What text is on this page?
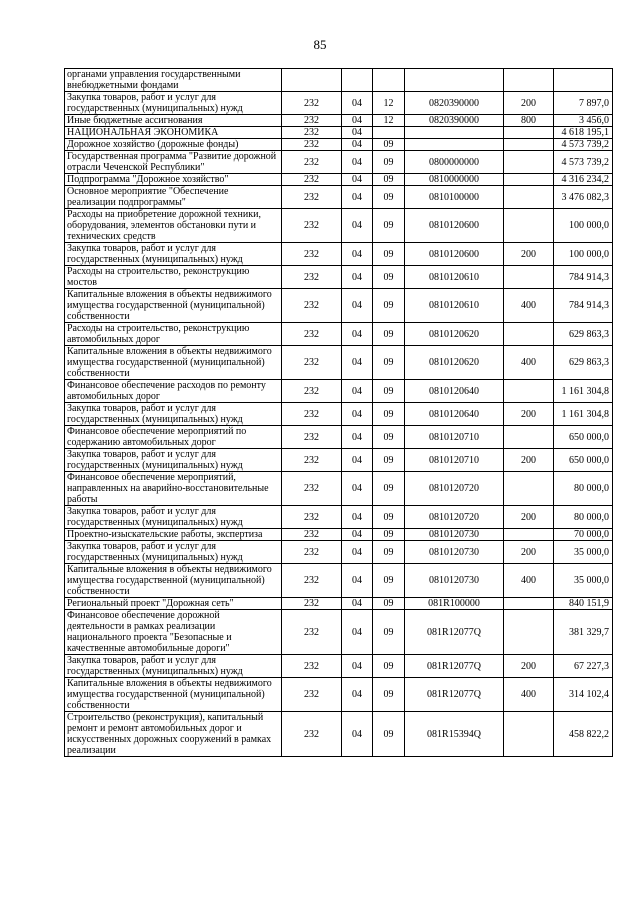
85
органами управления государственными внебюджетными фондами						
Закупка товаров, работ и услуг для государственных (муниципальных) нужд	232	04	12	0820390000	200	7 897,0
Иные бюджетные ассигнования	232	04	12	0820390000	800	3 456,0
НАЦИОНАЛЬНАЯ ЭКОНОМИКА	232	04				4 618 195,1
Дорожное хозяйство (дорожные фонды)	232	04	09			4 573 739,2
Государственная программа "Развитие дорожной отрасли Чеченской Республики"	232	04	09	0800000000		4 573 739,2
Подпрограмма "Дорожное хозяйство"	232	04	09	0810000000		4 316 234,2
Основное мероприятие "Обеспечение реализации подпрограммы"	232	04	09	0810100000		3 476 082,3
Расходы на приобретение дорожной техники, оборудования, элементов обстановки пути и технических средств	232	04	09	0810120600		100 000,0
Закупка товаров, работ и услуг для государственных (муниципальных) нужд	232	04	09	0810120600	200	100 000,0
Расходы на строительство, реконструкцию мостов	232	04	09	0810120610		784 914,3
Капитальные вложения в объекты недвижимого имущества государственной (муниципальной) собственности	232	04	09	0810120610	400	784 914,3
Расходы на строительство, реконструкцию автомобильных дорог	232	04	09	0810120620		629 863,3
Капитальные вложения в объекты недвижимого имущества государственной (муниципальной) собственности	232	04	09	0810120620	400	629 863,3
Финансовое обеспечение расходов по ремонту автомобильных дорог	232	04	09	0810120640		1 161 304,8
Закупка товаров, работ и услуг для государственных (муниципальных) нужд	232	04	09	0810120640	200	1 161 304,8
Финансовое обеспечение мероприятий по содержанию автомобильных дорог	232	04	09	0810120710		650 000,0
Закупка товаров, работ и услуг для государственных (муниципальных) нужд	232	04	09	0810120710	200	650 000,0
Финансовое обеспечение мероприятий, направленных на аварийно-восстановительные работы	232	04	09	0810120720		80 000,0
Закупка товаров, работ и услуг для государственных (муниципальных) нужд	232	04	09	0810120720	200	80 000,0
Проектно-изыскательские работы, экспертиза	232	04	09	0810120730		70 000,0
Закупка товаров, работ и услуг для государственных (муниципальных) нужд	232	04	09	0810120730	200	35 000,0
Капитальные вложения в объекты недвижимого имущества государственной (муниципальной) собственности	232	04	09	0810120730	400	35 000,0
Региональный проект "Дорожная сеть"	232	04	09	081R100000		840 151,9
Финансовое обеспечение дорожной деятельности в рамках реализации национального проекта "Безопасные и качественные автомобильные дороги"	232	04	09	081R12077Q		381 329,7
Закупка товаров, работ и услуг для государственных (муниципальных) нужд	232	04	09	081R12077Q	200	67 227,3
Капитальные вложения в объекты недвижимого имущества государственной (муниципальной) собственности	232	04	09	081R12077Q	400	314 102,4
Строительство (реконструкция), капитальный ремонт и ремонт автомобильных дорог и искусственных дорожных сооружений в рамках реализации	232	04	09	081R15394Q		458 822,2
